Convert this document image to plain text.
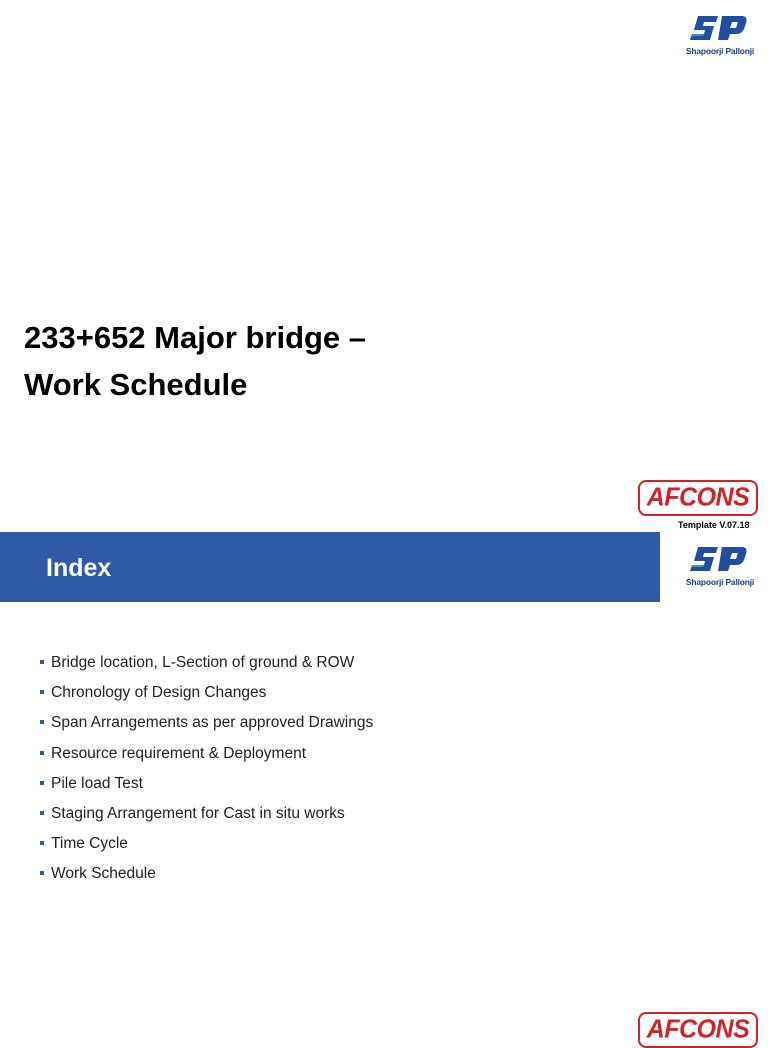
Shapoorji Pallonji
233+652 Major bridge –
Work Schedule
AFCONS
Template V.07.18
Index	Shapoorji Pallonji
Bridge location, L-Section of ground & ROW
Chronology of Design Changes
Span Arrangements as per approved Drawings
Resource requirement & Deployment
Pile load Test
Staging Arrangement for Cast in situ works
Time Cycle
Work Schedule
AFCONS
